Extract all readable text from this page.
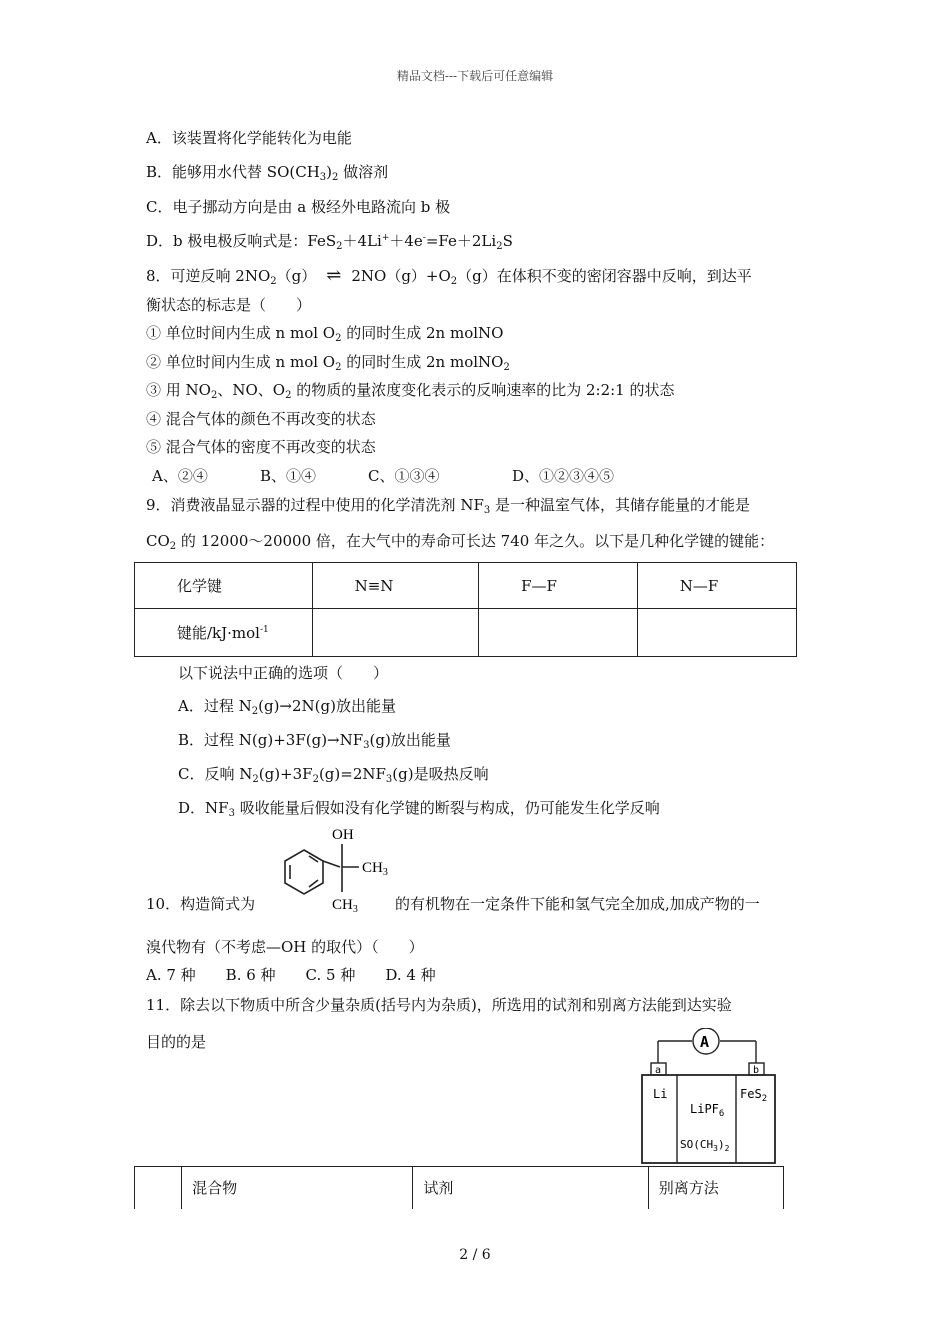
精品文档---下载后可任意编辑
A．该装置将化学能转化为电能
B．能够用水代替 $SO(CH_3)_2$ 做溶剂
C．电子挪动方向是由 a 极经外电路流向 b 极
D．b 极电极反响式是：$FeS_2+4Li^++4e^-=Fe+2Li_2S$
8．可逆反响 $2NO_2(g)$ ⇌ $2NO(g)+O_2(g)$在体积不变的密闭容器中反响，到达平
衡状态的标志是（　　）
① 单位时间内生成 n mol $O_2$ 的同时生成 2n molNO
② 单位时间内生成 n mol $O_2$ 的同时生成 2n molNO$_2$
③ 用 $NO_2$、NO、$O_2$ 的物质的量浓度变化表示的反响速率的比为 2:2:1 的状态
④ 混合气体的颜色不再改变的状态
⑤ 混合气体的密度不再改变的状态
A、②④	B、①④	C、①③④	D、①②③④⑤
9．消费液晶显示器的过程中使用的化学清洗剂 $NF_3$ 是一种温室气体，其储存能量的才能是
$CO_2$ 的 12000～20000 倍，在大气中的寿命可长达 740 年之久。以下是几种化学键的键能：
化学键	N≡N	F—F	N—F
键能/kJ·mol$^{-1}$			
以下说法中正确的选项（　　）
A．过程 $N_2(g)\to 2N(g)$放出能量
B．过程 $N(g)+3F(g)\to NF_3(g)$放出能量
C．反响 $N_2(g)+3F_2(g)=2NF_3(g)$是吸热反响
D．$NF_3$ 吸收能量后假如没有化学键的断裂与构成，仍可能发生化学反响
OH
$CH_3$
$CH_3$
10．构造简式为	的有机物在一定条件下能和氢气完全加成,加成产物的一
溴代物有（不考虑—OH 的取代）（　　）
A. 7 种　　B. 6 种　　C. 5 种　　D. 4 种
11．除去以下物质中所含少量杂质(括号内为杂质)，所选用的试剂和别离方法能到达实验
目的的是	A
a	b
Li	FeS$_2$
LiPF$_6$
$SO(CH_3)_2$
	混合物	试剂	别离方法
2 / 6
